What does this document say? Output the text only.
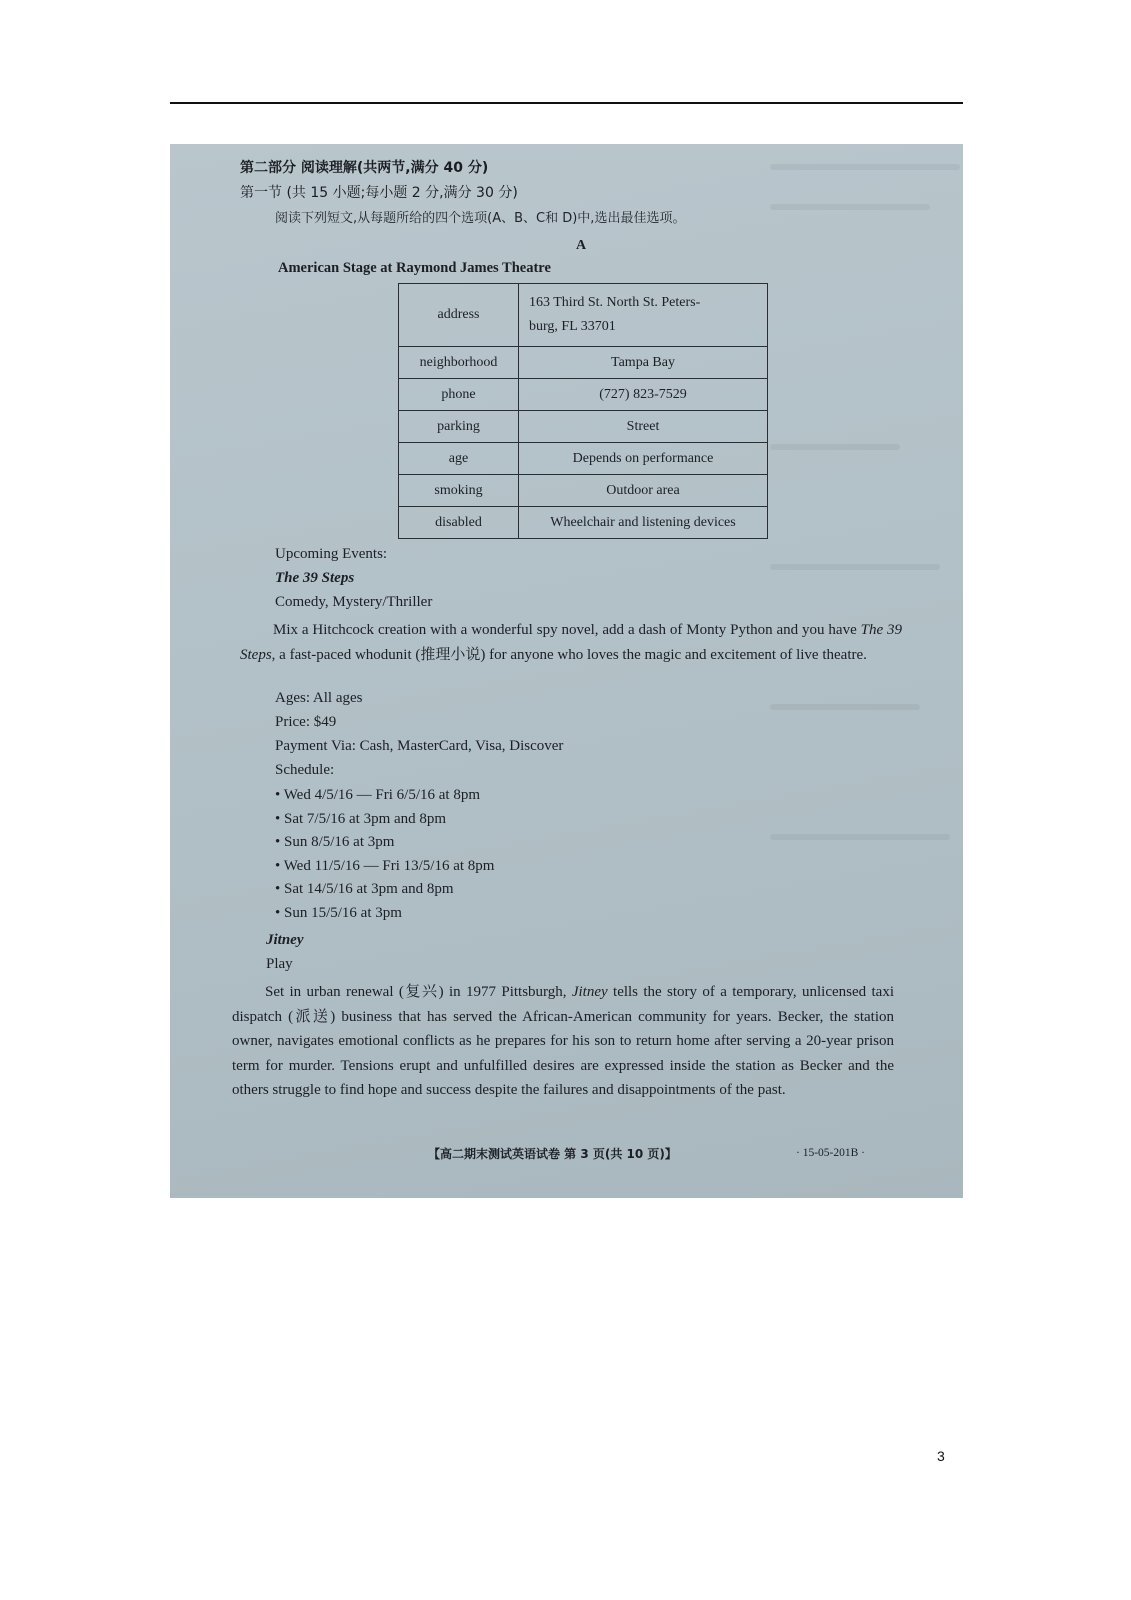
第二部分 阅读理解(共两节,满分 40 分)
第一节 (共 15 小题;每小题 2 分,满分 30 分)
阅读下列短文,从每题所给的四个选项(A、B、C和 D)中,选出最佳选项。
A
American Stage at Raymond James Theatre
address	163 Third St. North St. Peters-
burg, FL 33701

neighborhood	Tampa Bay
phone	(727) 823-7529
parking	Street
age	Depends on performance
smoking	Outdoor area
disabled	Wheelchair and listening devices
Upcoming Events:
The 39 Steps
Comedy, Mystery/Thriller
Mix a Hitchcock creation with a wonderful spy novel, add a dash of Monty Python and you have The 39 Steps, a fast-paced whodunit (推理小说) for anyone who loves the magic and excitement of live theatre.
Ages: All ages
Price: $49
Payment Via: Cash, MasterCard, Visa, Discover
Schedule:
• Wed 4/5/16 — Fri 6/5/16 at 8pm
• Sat 7/5/16 at 3pm and 8pm
• Sun 8/5/16 at 3pm
• Wed 11/5/16 — Fri 13/5/16 at 8pm
• Sat 14/5/16 at 3pm and 8pm
• Sun 15/5/16 at 3pm
Jitney
Play
Set in urban renewal (复兴) in 1977 Pittsburgh, Jitney tells the story of a temporary, unlicensed taxi dispatch (派送) business that has served the African-American community for years. Becker, the station owner, navigates emotional conflicts as he prepares for his son to return home after serving a 20-year prison term for murder. Tensions erupt and unfulfilled desires are expressed inside the station as Becker and the others struggle to find hope and success despite the failures and disappointments of the past.
【高二期末测试英语试卷 第 3 页(共 10 页)】	· 15-05-201B ·
3
